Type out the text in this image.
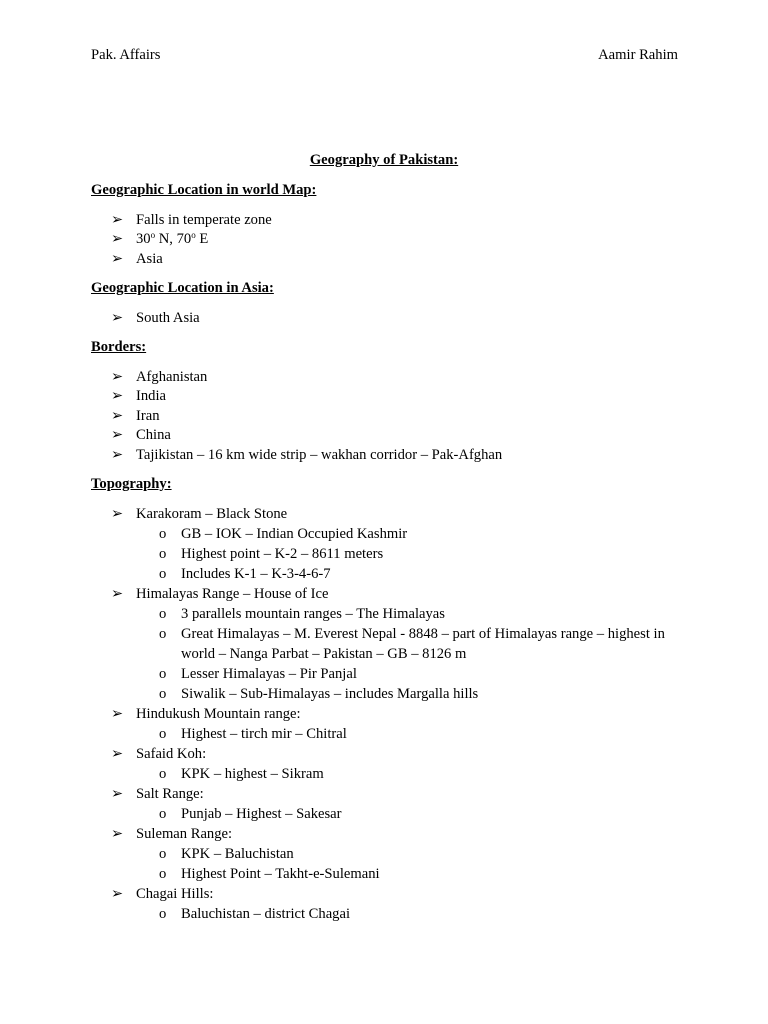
Pak. Affairs	Aamir Rahim
Geography of Pakistan:

Geographic Location in world Map:

➢ Falls in temperate zone
➢ 30$^o$ N, 70$^o$ E
➢ Asia

Geographic Location in Asia:

➢ South Asia

Borders:

➢ Afghanistan
➢ India
➢ Iran
➢ China
➢ Tajikistan – 16 km wide strip – wakhan corridor – Pak-Afghan

Topography:

➢ Karakoram – Black Stone
o	GB – IOK – Indian Occupied Kashmir
o	Highest point – K-2 – 8611 meters
o	Includes K-1 – K-3-4-6-7
➢ Himalayas Range – House of Ice
o	3 parallels mountain ranges – The Himalayas
o	Great Himalayas – M. Everest Nepal - 8848 – part of Himalayas range – highest in world – Nanga Parbat – Pakistan – GB – 8126 m
o	Lesser Himalayas – Pir Panjal
o	Siwalik – Sub-Himalayas – includes Margalla hills
➢ Hindukush Mountain range:
o	Highest – tirch mir – Chitral
➢ Safaid Koh:
o	KPK – highest – Sikram
➢ Salt Range:
o	Punjab – Highest – Sakesar
➢ Suleman Range:
o	KPK – Baluchistan
o	Highest Point – Takht-e-Sulemani
➢ Chagai Hills:
o	Baluchistan – district Chagai
